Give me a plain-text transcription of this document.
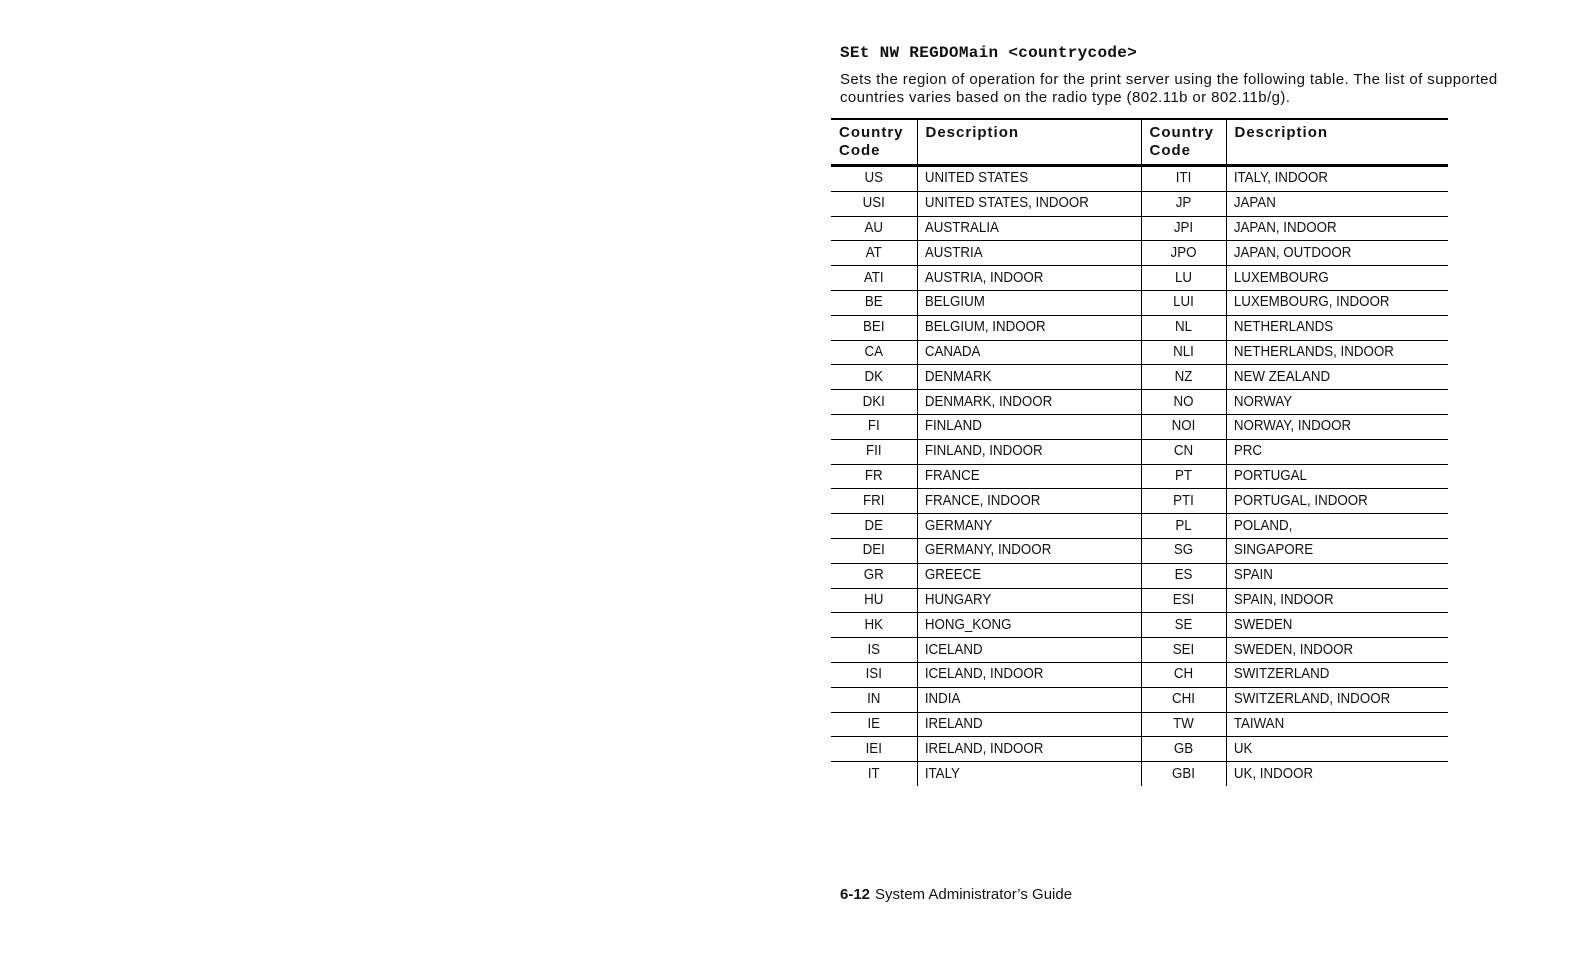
SEt NW REGDOMain <countrycode>

Sets the region of operation for the print server using the following table. The list of supported countries varies based on the radio type (802.11b or 802.11b/g).

Country Code	Description	Country Code	Description
US	UNITED STATES	ITI	ITALY, INDOOR
USI	UNITED STATES, INDOOR	JP	JAPAN
AU	AUSTRALIA	JPI	JAPAN, INDOOR
AT	AUSTRIA	JPO	JAPAN, OUTDOOR
ATI	AUSTRIA, INDOOR	LU	LUXEMBOURG
BE	BELGIUM	LUI	LUXEMBOURG, INDOOR
BEI	BELGIUM, INDOOR	NL	NETHERLANDS
CA	CANADA	NLI	NETHERLANDS, INDOOR
DK	DENMARK	NZ	NEW ZEALAND
DKI	DENMARK, INDOOR	NO	NORWAY
FI	FINLAND	NOI	NORWAY, INDOOR
FII	FINLAND, INDOOR	CN	PRC
FR	FRANCE	PT	PORTUGAL
FRI	FRANCE, INDOOR	PTI	PORTUGAL, INDOOR
DE	GERMANY	PL	POLAND,
DEI	GERMANY, INDOOR	SG	SINGAPORE
GR	GREECE	ES	SPAIN
HU	HUNGARY	ESI	SPAIN, INDOOR
HK	HONG_KONG	SE	SWEDEN
IS	ICELAND	SEI	SWEDEN, INDOOR
ISI	ICELAND, INDOOR	CH	SWITZERLAND
IN	INDIA	CHI	SWITZERLAND, INDOOR
IE	IRELAND	TW	TAIWAN
IEI	IRELAND, INDOOR	GB	UK
IT	ITALY	GBI	UK, INDOOR
6-12 System Administrator’s Guide
